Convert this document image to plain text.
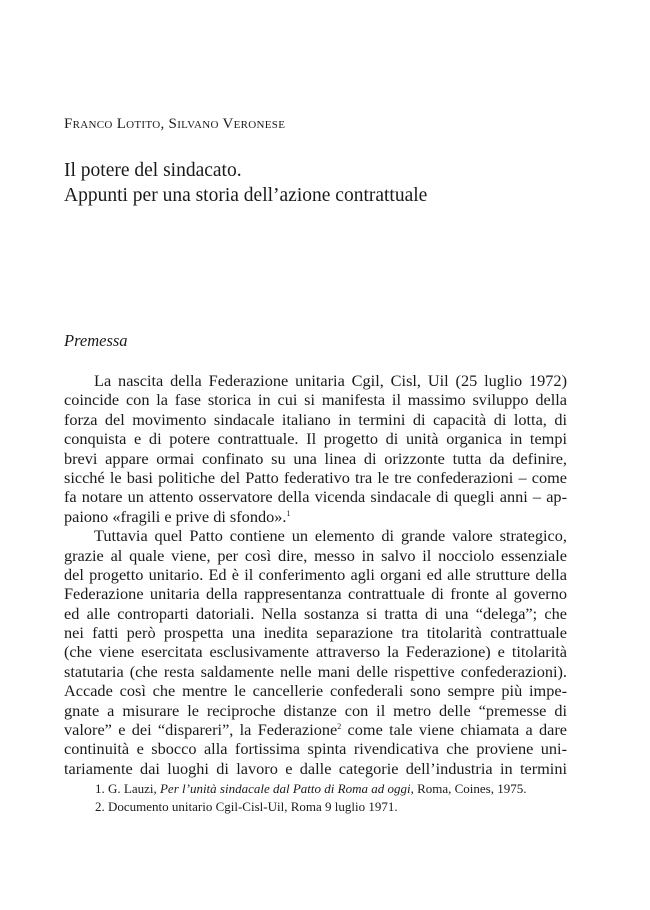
Franco Lotito, Silvano Veronese
Il potere del sindacato.
Appunti per una storia dell’azione contrattuale
Premessa
La nascita della Federazione unitaria Cgil, Cisl, Uil (25 luglio 1972)
coincide con la fase storica in cui si manifesta il massimo sviluppo della
forza del movimento sindacale italiano in termini di capacità di lotta, di
conquista e di potere contrattuale. Il progetto di unità organica in tempi
brevi appare ormai confinato su una linea di orizzonte tutta da definire,
sicché le basi politiche del Patto federativo tra le tre confederazioni – come
fa notare un attento osservatore della vicenda sindacale di quegli anni – ap-
paiono «fragili e prive di sfondo».$^1$
Tuttavia quel Patto contiene un elemento di grande valore strategico,
grazie al quale viene, per così dire, messo in salvo il nocciolo essenziale
del progetto unitario. Ed è il conferimento agli organi ed alle strutture della
Federazione unitaria della rappresentanza contrattuale di fronte al governo
ed alle controparti datoriali. Nella sostanza si tratta di una “delega”; che
nei fatti però prospetta una inedita separazione tra titolarità contrattuale
(che viene esercitata esclusivamente attraverso la Federazione) e titolarità
statutaria (che resta saldamente nelle mani delle rispettive confederazioni).
Accade così che mentre le cancellerie confederali sono sempre più impe-
gnate a misurare le reciproche distanze con il metro delle “premesse di
valore” e dei “dispareri”, la Federazione$^2$ come tale viene chiamata a dare
continuità e sbocco alla fortissima spinta rivendicativa che proviene uni-
tariamente dai luoghi di lavoro e dalle categorie dell’industria in termini
1. G. Lauzi, Per l’unità sindacale dal Patto di Roma ad oggi, Roma, Coines, 1975.
2. Documento unitario Cgil-Cisl-Uil, Roma 9 luglio 1971.
